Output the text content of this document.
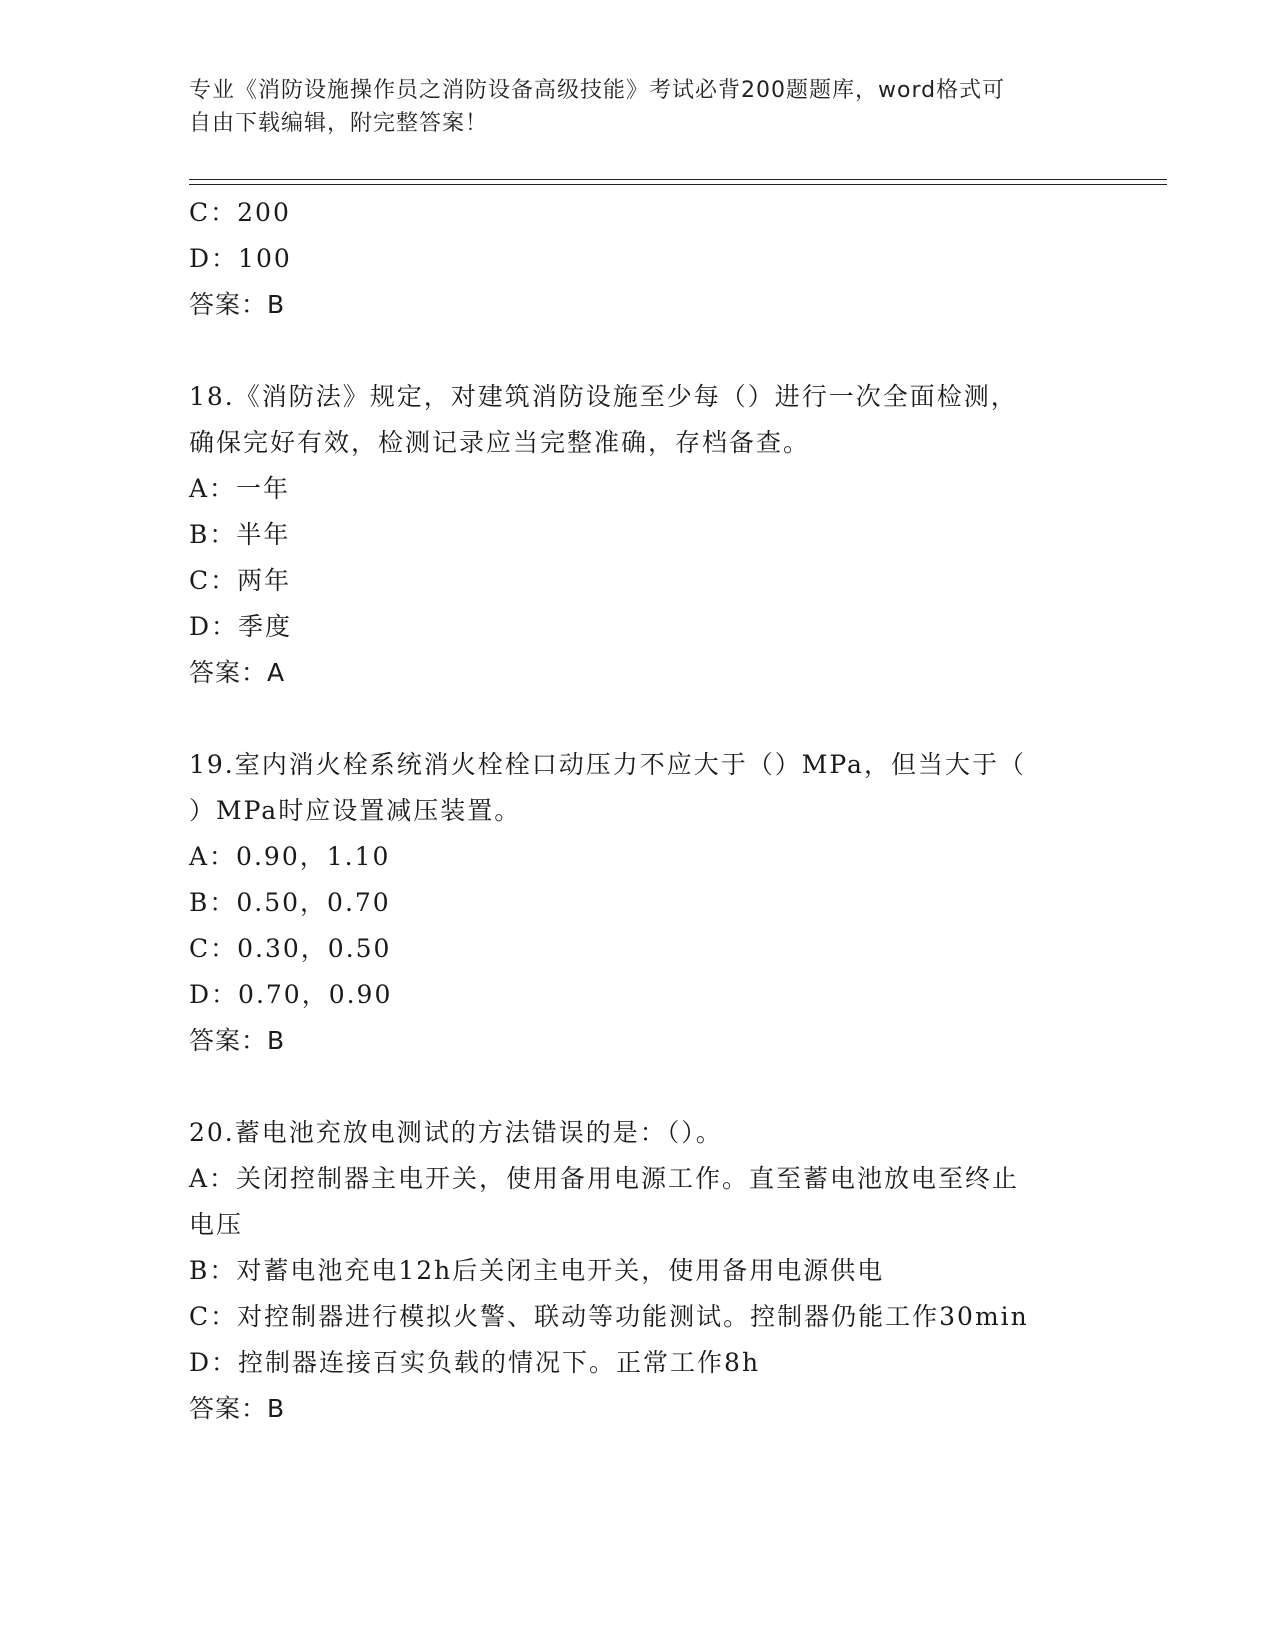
专业《消防设施操作员之消防设备高级技能》考试必背200题题库，word格式可
自由下载编辑，附完整答案！
C：200
D：100
答案：B
18.《消防法》规定，对建筑消防设施至少每（）进行一次全面检测，
确保完好有效，检测记录应当完整准确，存档备查。
A：一年
B：半年
C：两年
D：季度
答案：A
19.室内消火栓系统消火栓栓口动压力不应大于（）MPa，但当大于（
）MPa时应设置减压装置。
A：0.90，1.10
B：0.50，0.70
C：0.30，0.50
D：0.70，0.90
答案：B
20.蓄电池充放电测试的方法错误的是：（）。
A：关闭控制器主电开关，使用备用电源工作。直至蓄电池放电至终止
电压
B：对蓄电池充电12h后关闭主电开关，使用备用电源供电
C：对控制器进行模拟火警、联动等功能测试。控制器仍能工作30min
D：控制器连接百实负载的情况下。正常工作8h
答案：B
